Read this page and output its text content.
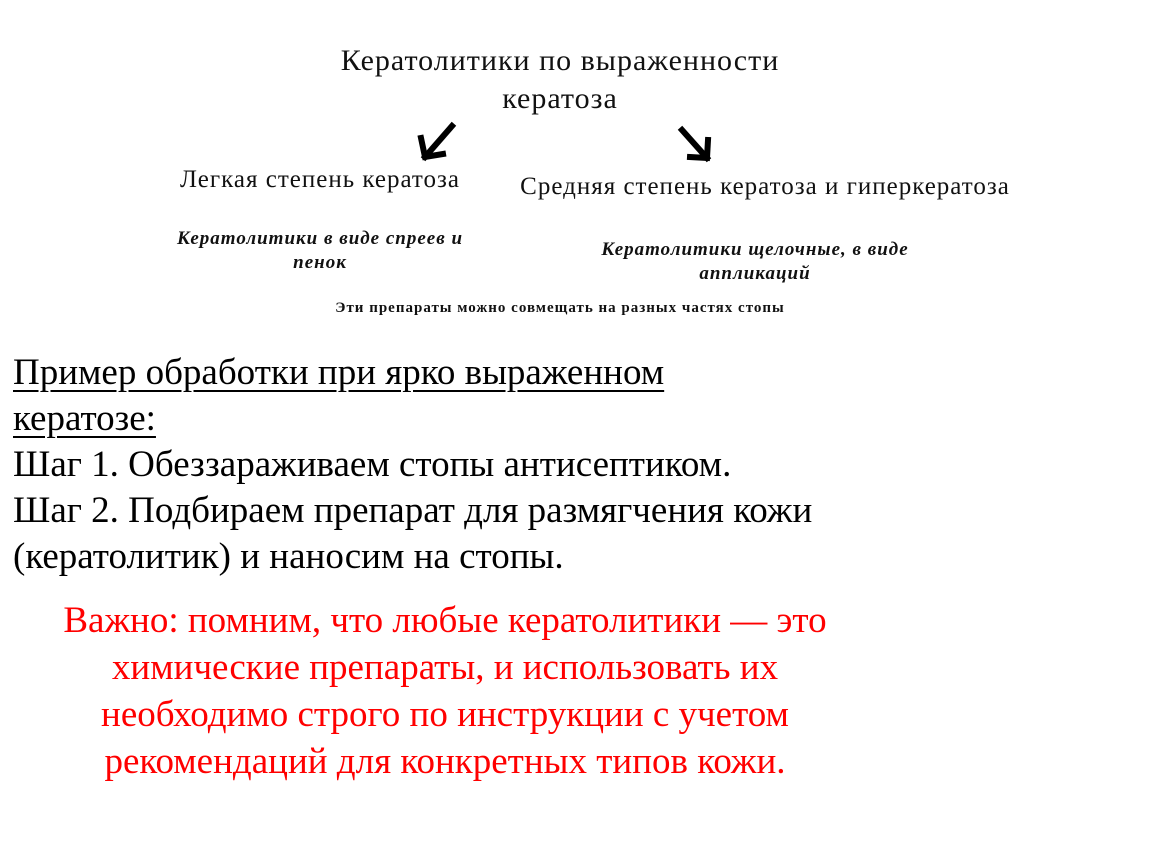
Кератолитики по выраженности кератоза
Легкая степень кератоза
Кератолитики в виде спреев и пенок
Средняя степень кератоза и гиперкератоза
Кератолитики щелочные, в виде аппликаций
Эти препараты можно совмещать на разных частях стопы
Пример обработки при ярко выраженном кератозе:
Шаг 1. Обеззараживаем стопы антисептиком.
Шаг 2. Подбираем препарат для размягчения кожи (кератолитик) и наносим на стопы.
Важно: помним, что любые кератолитики — это химические препараты, и использовать их необходимо строго по инструкции с учетом рекомендаций для конкретных типов кожи.
